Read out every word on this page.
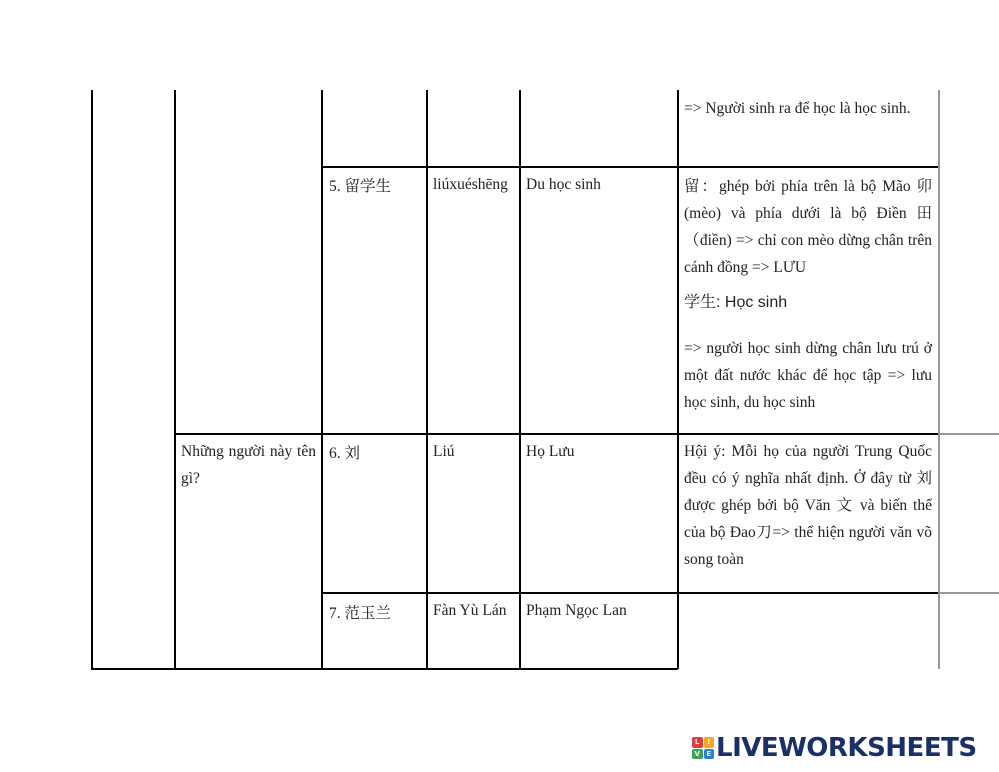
=> Người sinh ra để học là học sinh.
5. 留学生	liúxuéshēng Du học sinh	留：ghép bởi phía trên là bộ Mão 卯 (mèo) và phía dưới là bộ Điền 田（điền) => chỉ con mèo dừng chân trên cánh đồng => LƯU
学生: Học sinh
=> người học sinh dừng chân lưu trú ở một đất nước khác để học tập => lưu học sinh, du học sinh
Những người này tên gì?
6. 刘	Liú	Họ Lưu	Hội ý: Mỗi họ của người Trung Quốc đều có ý nghĩa nhất định. Ở đây từ 刘 được ghép bởi bộ Văn 文 và biến thể của bộ Đao刀=> thể hiện người văn võ song toàn
7. 范玉兰	Fàn Yù Lán	Phạm Ngọc Lan
L	I
V E LIVEWORKSHEETS
